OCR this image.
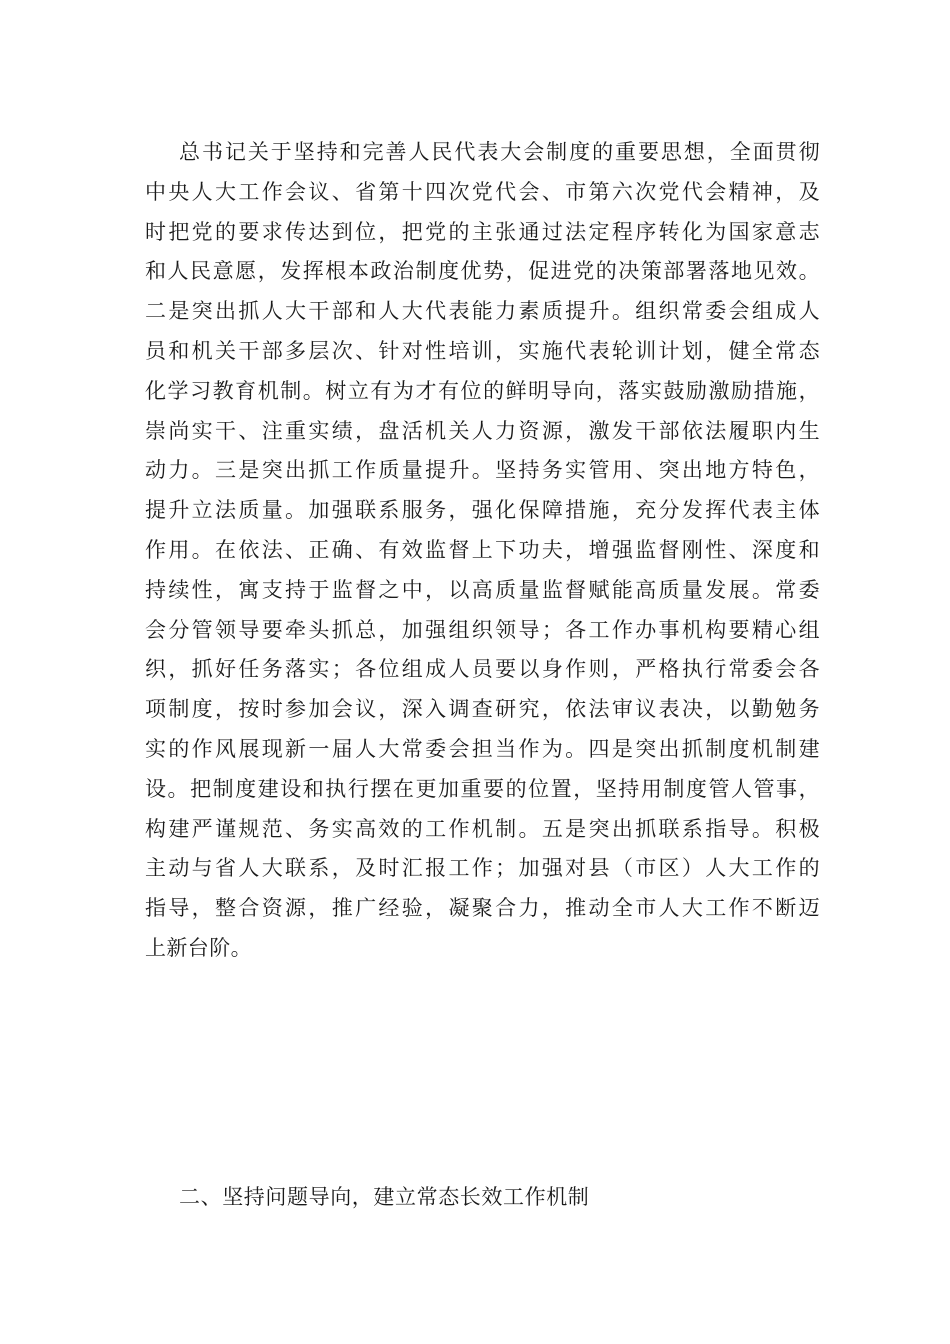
总书记关于坚持和完善人民代表大会制度的重要思想，全面贯彻
中央人大工作会议、省第十四次党代会、市第六次党代会精神，及
时把党的要求传达到位，把党的主张通过法定程序转化为国家意志
和人民意愿，发挥根本政治制度优势，促进党的决策部署落地见效。
二是突出抓人大干部和人大代表能力素质提升。组织常委会组成人
员和机关干部多层次、针对性培训，实施代表轮训计划，健全常态
化学习教育机制。树立有为才有位的鲜明导向，落实鼓励激励措施，
崇尚实干、注重实绩，盘活机关人力资源，激发干部依法履职内生
动力。三是突出抓工作质量提升。坚持务实管用、突出地方特色，
提升立法质量。加强联系服务，强化保障措施，充分发挥代表主体
作用。在依法、正确、有效监督上下功夫，增强监督刚性、深度和
持续性，寓支持于监督之中，以高质量监督赋能高质量发展。常委
会分管领导要牵头抓总，加强组织领导；各工作办事机构要精心组
织，抓好任务落实；各位组成人员要以身作则，严格执行常委会各
项制度，按时参加会议，深入调查研究，依法审议表决，以勤勉务
实的作风展现新一届人大常委会担当作为。四是突出抓制度机制建
设。把制度建设和执行摆在更加重要的位置，坚持用制度管人管事，
构建严谨规范、务实高效的工作机制。五是突出抓联系指导。积极
主动与省人大联系，及时汇报工作；加强对县（市区）人大工作的
指导，整合资源，推广经验，凝聚合力，推动全市人大工作不断迈
上新台阶。
二、坚持问题导向，建立常态长效工作机制
